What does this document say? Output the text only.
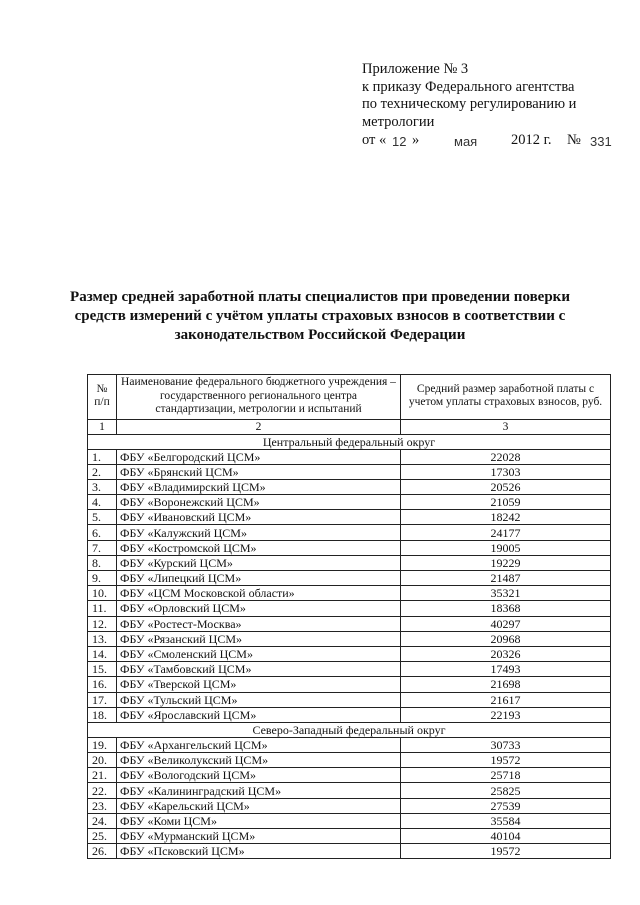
Приложение № 3
к приказу Федерального агентства
по техническому регулированию и
метрологии
от « 12 »	мая 2012 г. № 331
Размер средней заработной платы специалистов при проведении поверки средств измерений с учётом уплаты страховых взносов в соответствии с законодательством Российской Федерации
№ п/п	Наименование федерального бюджетного учреждения – государственного регионального центра стандартизации, метрологии и испытаний	Средний размер заработной платы с учетом уплаты страховых взносов, руб.
1	2	3
Центральный федеральный округ		
1.	ФБУ «Белгородский ЦСМ»	22028
2.	ФБУ «Брянский ЦСМ»	17303
3.	ФБУ «Владимирский ЦСМ»	20526
4.	ФБУ «Воронежский ЦСМ»	21059
5.	ФБУ «Ивановский ЦСМ»	18242
6.	ФБУ «Калужский ЦСМ»	24177
7.	ФБУ «Костромской ЦСМ»	19005
8.	ФБУ «Курский ЦСМ»	19229
9.	ФБУ «Липецкий ЦСМ»	21487
10.	ФБУ «ЦСМ Московской области»	35321
11.	ФБУ «Орловский ЦСМ»	18368
12.	ФБУ «Ростест-Москва»	40297
13.	ФБУ «Рязанский ЦСМ»	20968
14.	ФБУ «Смоленский ЦСМ»	20326
15.	ФБУ «Тамбовский ЦСМ»	17493
16.	ФБУ «Тверской ЦСМ»	21698
17.	ФБУ «Тульский ЦСМ»	21617
18.	ФБУ «Ярославский ЦСМ»	22193
Северо-Западный федеральный округ		
19.	ФБУ «Архангельский ЦСМ»	30733
20.	ФБУ «Великолукский ЦСМ»	19572
21.	ФБУ «Вологодский ЦСМ»	25718
22.	ФБУ «Калининградский ЦСМ»	25825
23.	ФБУ «Карельский ЦСМ»	27539
24.	ФБУ «Коми ЦСМ»	35584
25.	ФБУ «Мурманский ЦСМ»	40104
26.	ФБУ «Псковский ЦСМ»	19572
